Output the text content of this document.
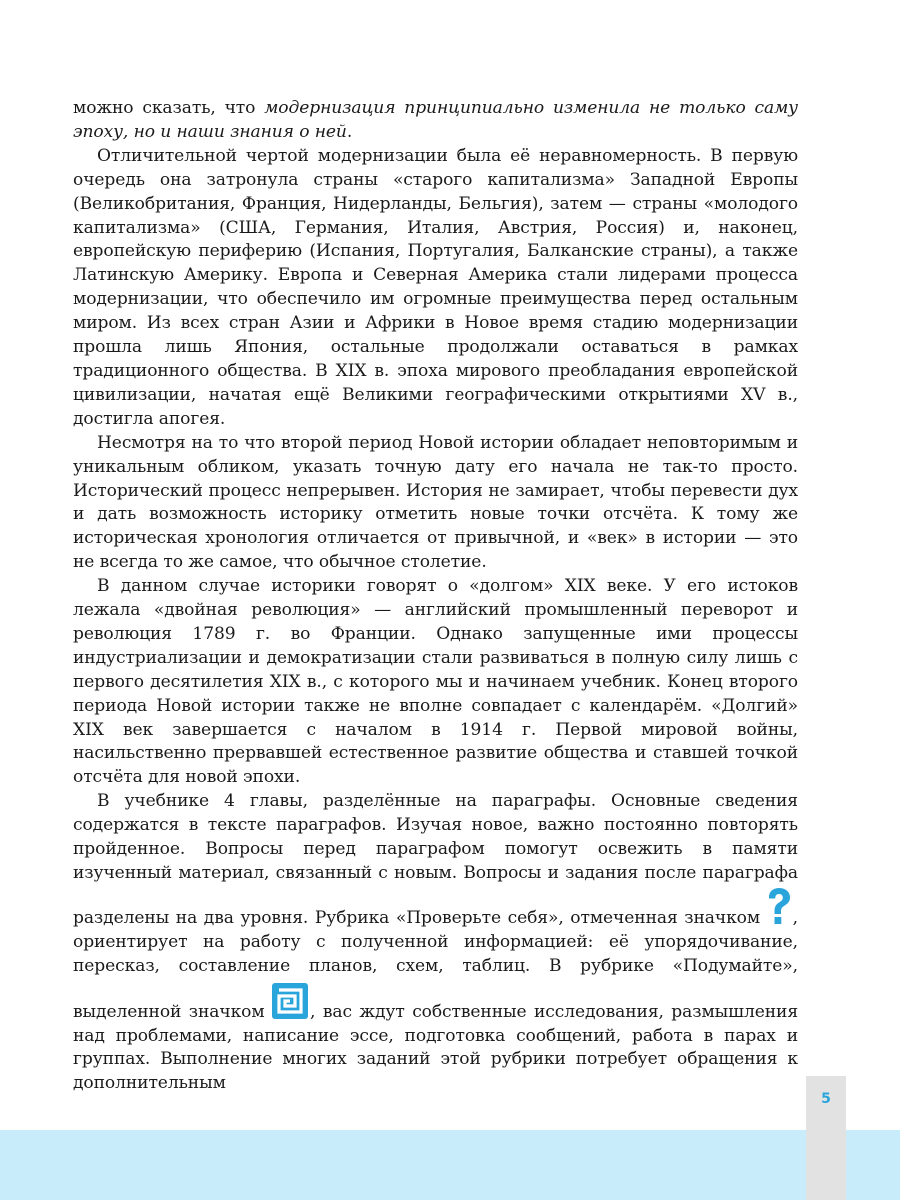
можно сказать, что модернизация принципиально изменила не только саму эпоху, но и наши знания о ней.

Отличительной чертой модернизации была её неравномерность. В первую очередь она затронула страны «старого капитализма» Западной Европы (Великобритания, Франция, Нидерланды, Бельгия), затем — страны «молодого капитализма» (США, Германия, Италия, Австрия, Россия) и, наконец, европейскую периферию (Испания, Португалия, Балканские страны), а также Латинскую Америку. Европа и Северная Америка стали лидерами процесса модернизации, что обеспечило им огромные преимущества перед остальным миром. Из всех стран Азии и Африки в Новое время стадию модернизации прошла лишь Япония, остальные продолжали оставаться в рамках традиционного общества. В XIX в. эпоха мирового преобладания европейской цивилизации, начатая ещё Великими географическими открытиями XV в., достигла апогея.

Несмотря на то что второй период Новой истории обладает неповторимым и уникальным обликом, указать точную дату его начала не так-то просто. Исторический процесс непрерывен. История не замирает, чтобы перевести дух и дать возможность историку отметить новые точки отсчёта. К тому же историческая хронология отличается от привычной, и «век» в истории — это не всегда то же самое, что обычное столетие.

В данном случае историки говорят о «долгом» XIX веке. У его истоков лежала «двойная революция» — английский промышленный переворот и революция 1789 г. во Франции. Однако запущенные ими процессы индустриализации и демократизации стали развиваться в полную силу лишь с первого десятилетия XIX в., с которого мы и начинаем учебник. Конец второго периода Новой истории также не вполне совпадает с календарём. «Долгий» XIX век завершается с началом в 1914 г. Первой мировой войны, насильственно прервавшей естественное развитие общества и ставшей точкой отсчёта для новой эпохи.

В учебнике 4 главы, разделённые на параграфы. Основные сведения содержатся в тексте параграфов. Изучая новое, важно постоянно повторять пройденное. Вопросы перед параграфом помогут освежить в памяти изученный материал, связанный с новым. Вопросы и задания после параграфа разделены на два уровня. Рубрика «Проверьте себя», отмеченная значком
, ориентирует на работу с полученной информацией: её упорядочивание, пересказ, составление планов, схем, таблиц. В рубрике «Подумайте», выделенной значком
, вас ждут собственные исследования, размышления над проблемами, написание эссе, подготовка сообщений, работа в парах и группах. Выполнение многих заданий этой рубрики потребует обращения к дополнительным

5
